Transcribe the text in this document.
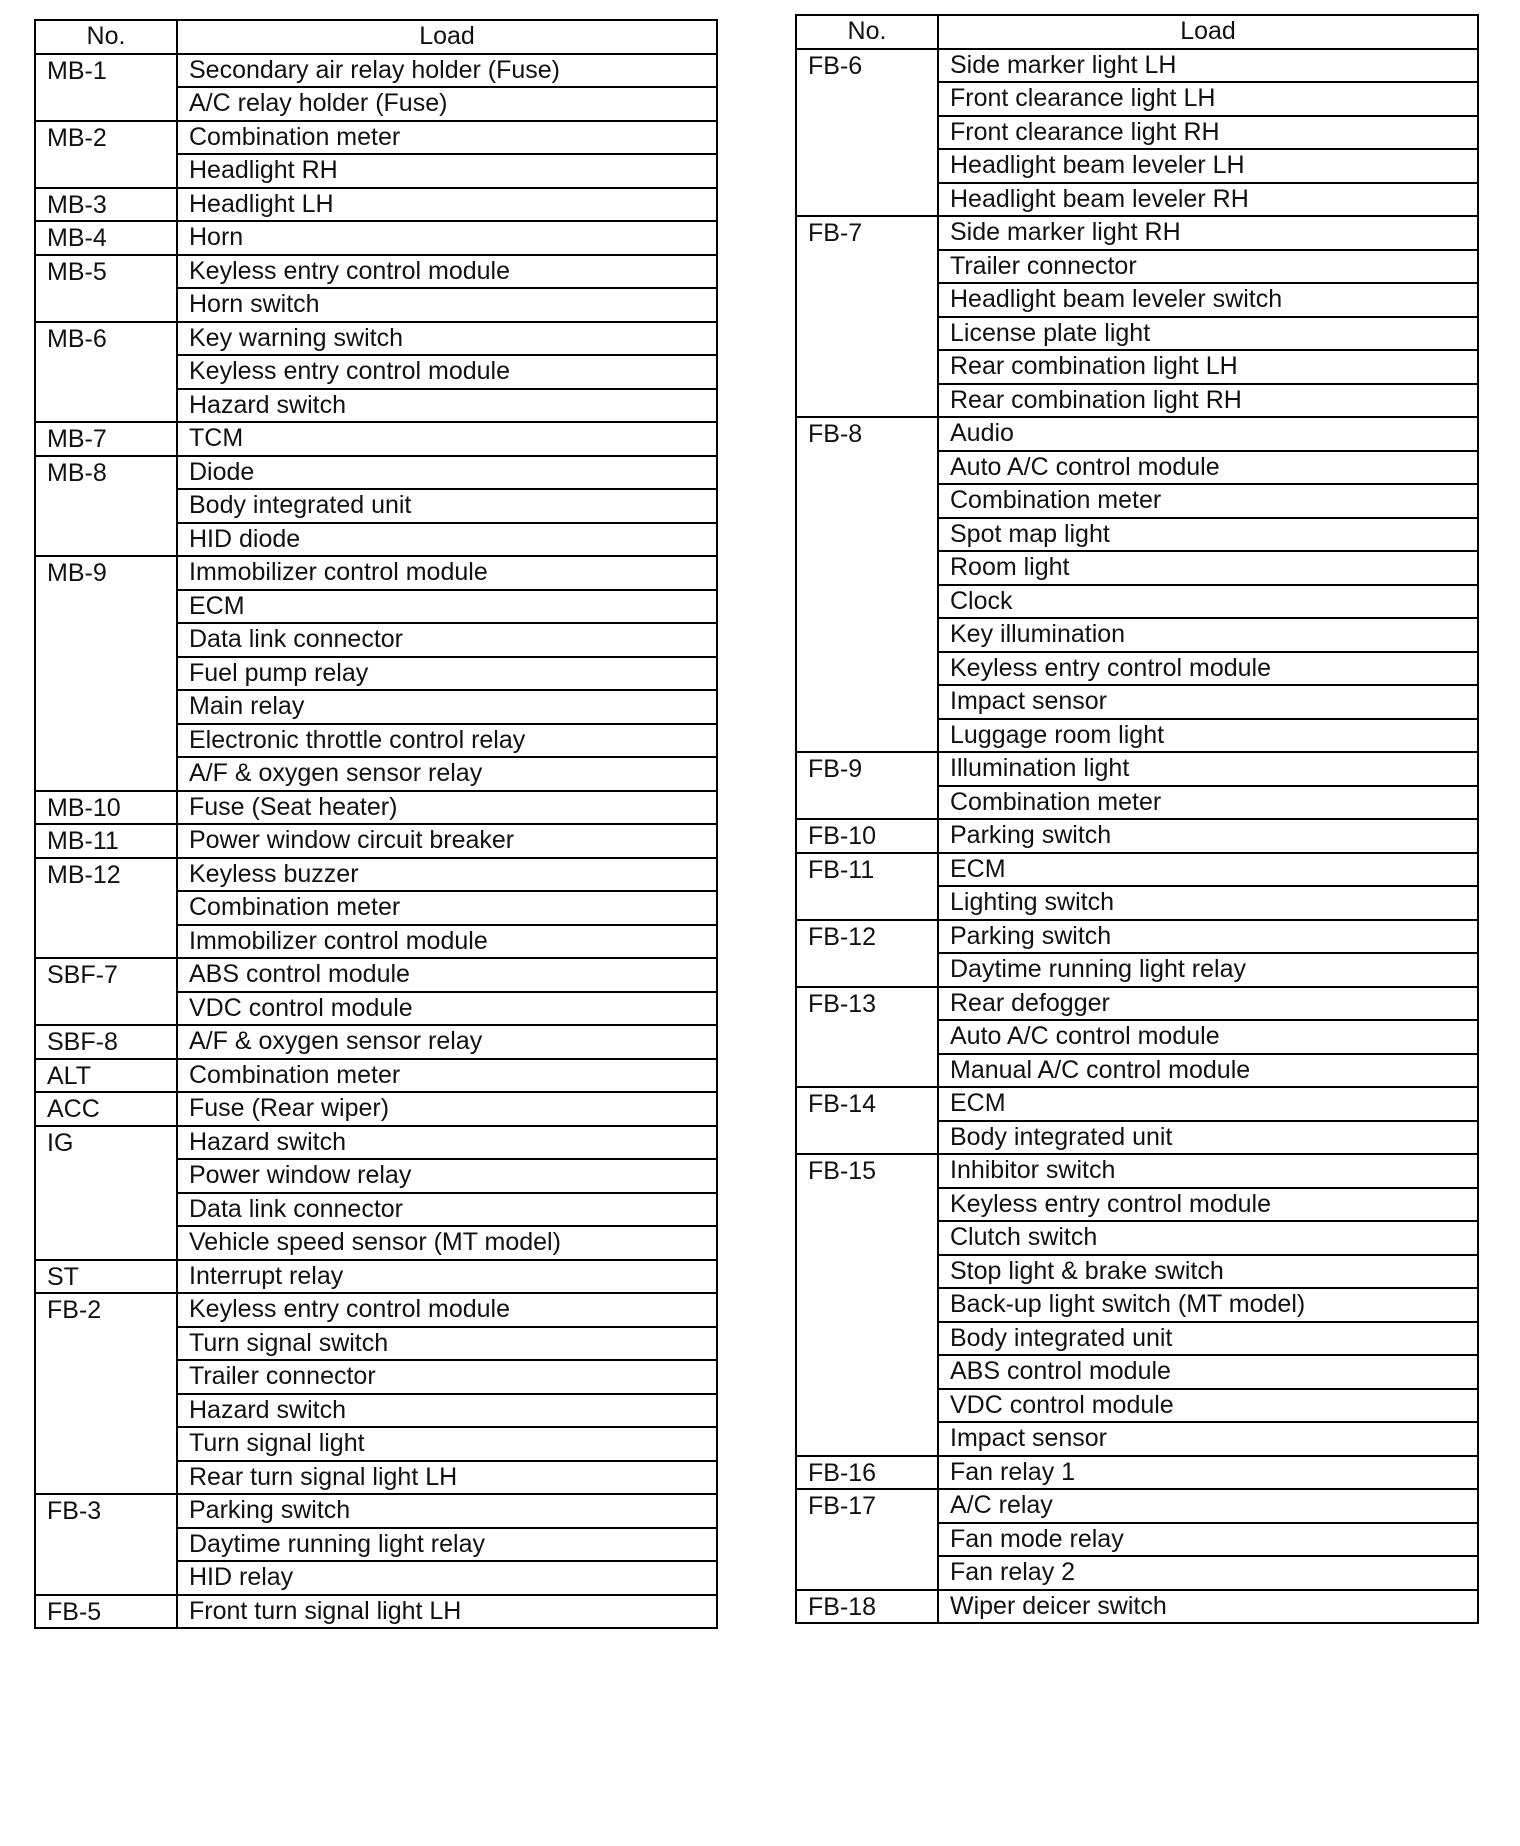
No.	Load
MB-1	Secondary air relay holder (Fuse)
	A/C relay holder (Fuse)
MB-2	Combination meter
	Headlight RH
MB-3	Headlight LH
MB-4	Horn
MB-5	Keyless entry control module
	Horn switch
MB-6	Key warning switch
	Keyless entry control module
	Hazard switch
MB-7	TCM
MB-8	Diode
	Body integrated unit
	HID diode
MB-9	Immobilizer control module
	ECM
	Data link connector
	Fuel pump relay
	Main relay
	Electronic throttle control relay
	A/F & oxygen sensor relay
MB-10	Fuse (Seat heater)
MB-11	Power window circuit breaker
MB-12	Keyless buzzer
	Combination meter
	Immobilizer control module
SBF-7	ABS control module
	VDC control module
SBF-8	A/F & oxygen sensor relay
ALT	Combination meter
ACC	Fuse (Rear wiper)
IG	Hazard switch
	Power window relay
	Data link connector
	Vehicle speed sensor (MT model)
ST	Interrupt relay
FB-2	Keyless entry control module
	Turn signal switch
	Trailer connector
	Hazard switch
	Turn signal light
	Rear turn signal light LH
FB-3	Parking switch
	Daytime running light relay
	HID relay
FB-5	Front turn signal light LH
No.	Load
FB-6	Side marker light LH
	Front clearance light LH
	Front clearance light RH
	Headlight beam leveler LH
	Headlight beam leveler RH
FB-7	Side marker light RH
	Trailer connector
	Headlight beam leveler switch
	License plate light
	Rear combination light LH
	Rear combination light RH
FB-8	Audio
	Auto A/C control module
	Combination meter
	Spot map light
	Room light
	Clock
	Key illumination
	Keyless entry control module
	Impact sensor
	Luggage room light
FB-9	Illumination light
	Combination meter
FB-10	Parking switch
FB-11	ECM
	Lighting switch
FB-12	Parking switch
	Daytime running light relay
FB-13	Rear defogger
	Auto A/C control module
	Manual A/C control module
FB-14	ECM
	Body integrated unit
FB-15	Inhibitor switch
	Keyless entry control module
	Clutch switch
	Stop light & brake switch
	Back-up light switch (MT model)
	Body integrated unit
	ABS control module
	VDC control module
	Impact sensor
FB-16	Fan relay 1
FB-17	A/C relay
	Fan mode relay
	Fan relay 2
FB-18	Wiper deicer switch
